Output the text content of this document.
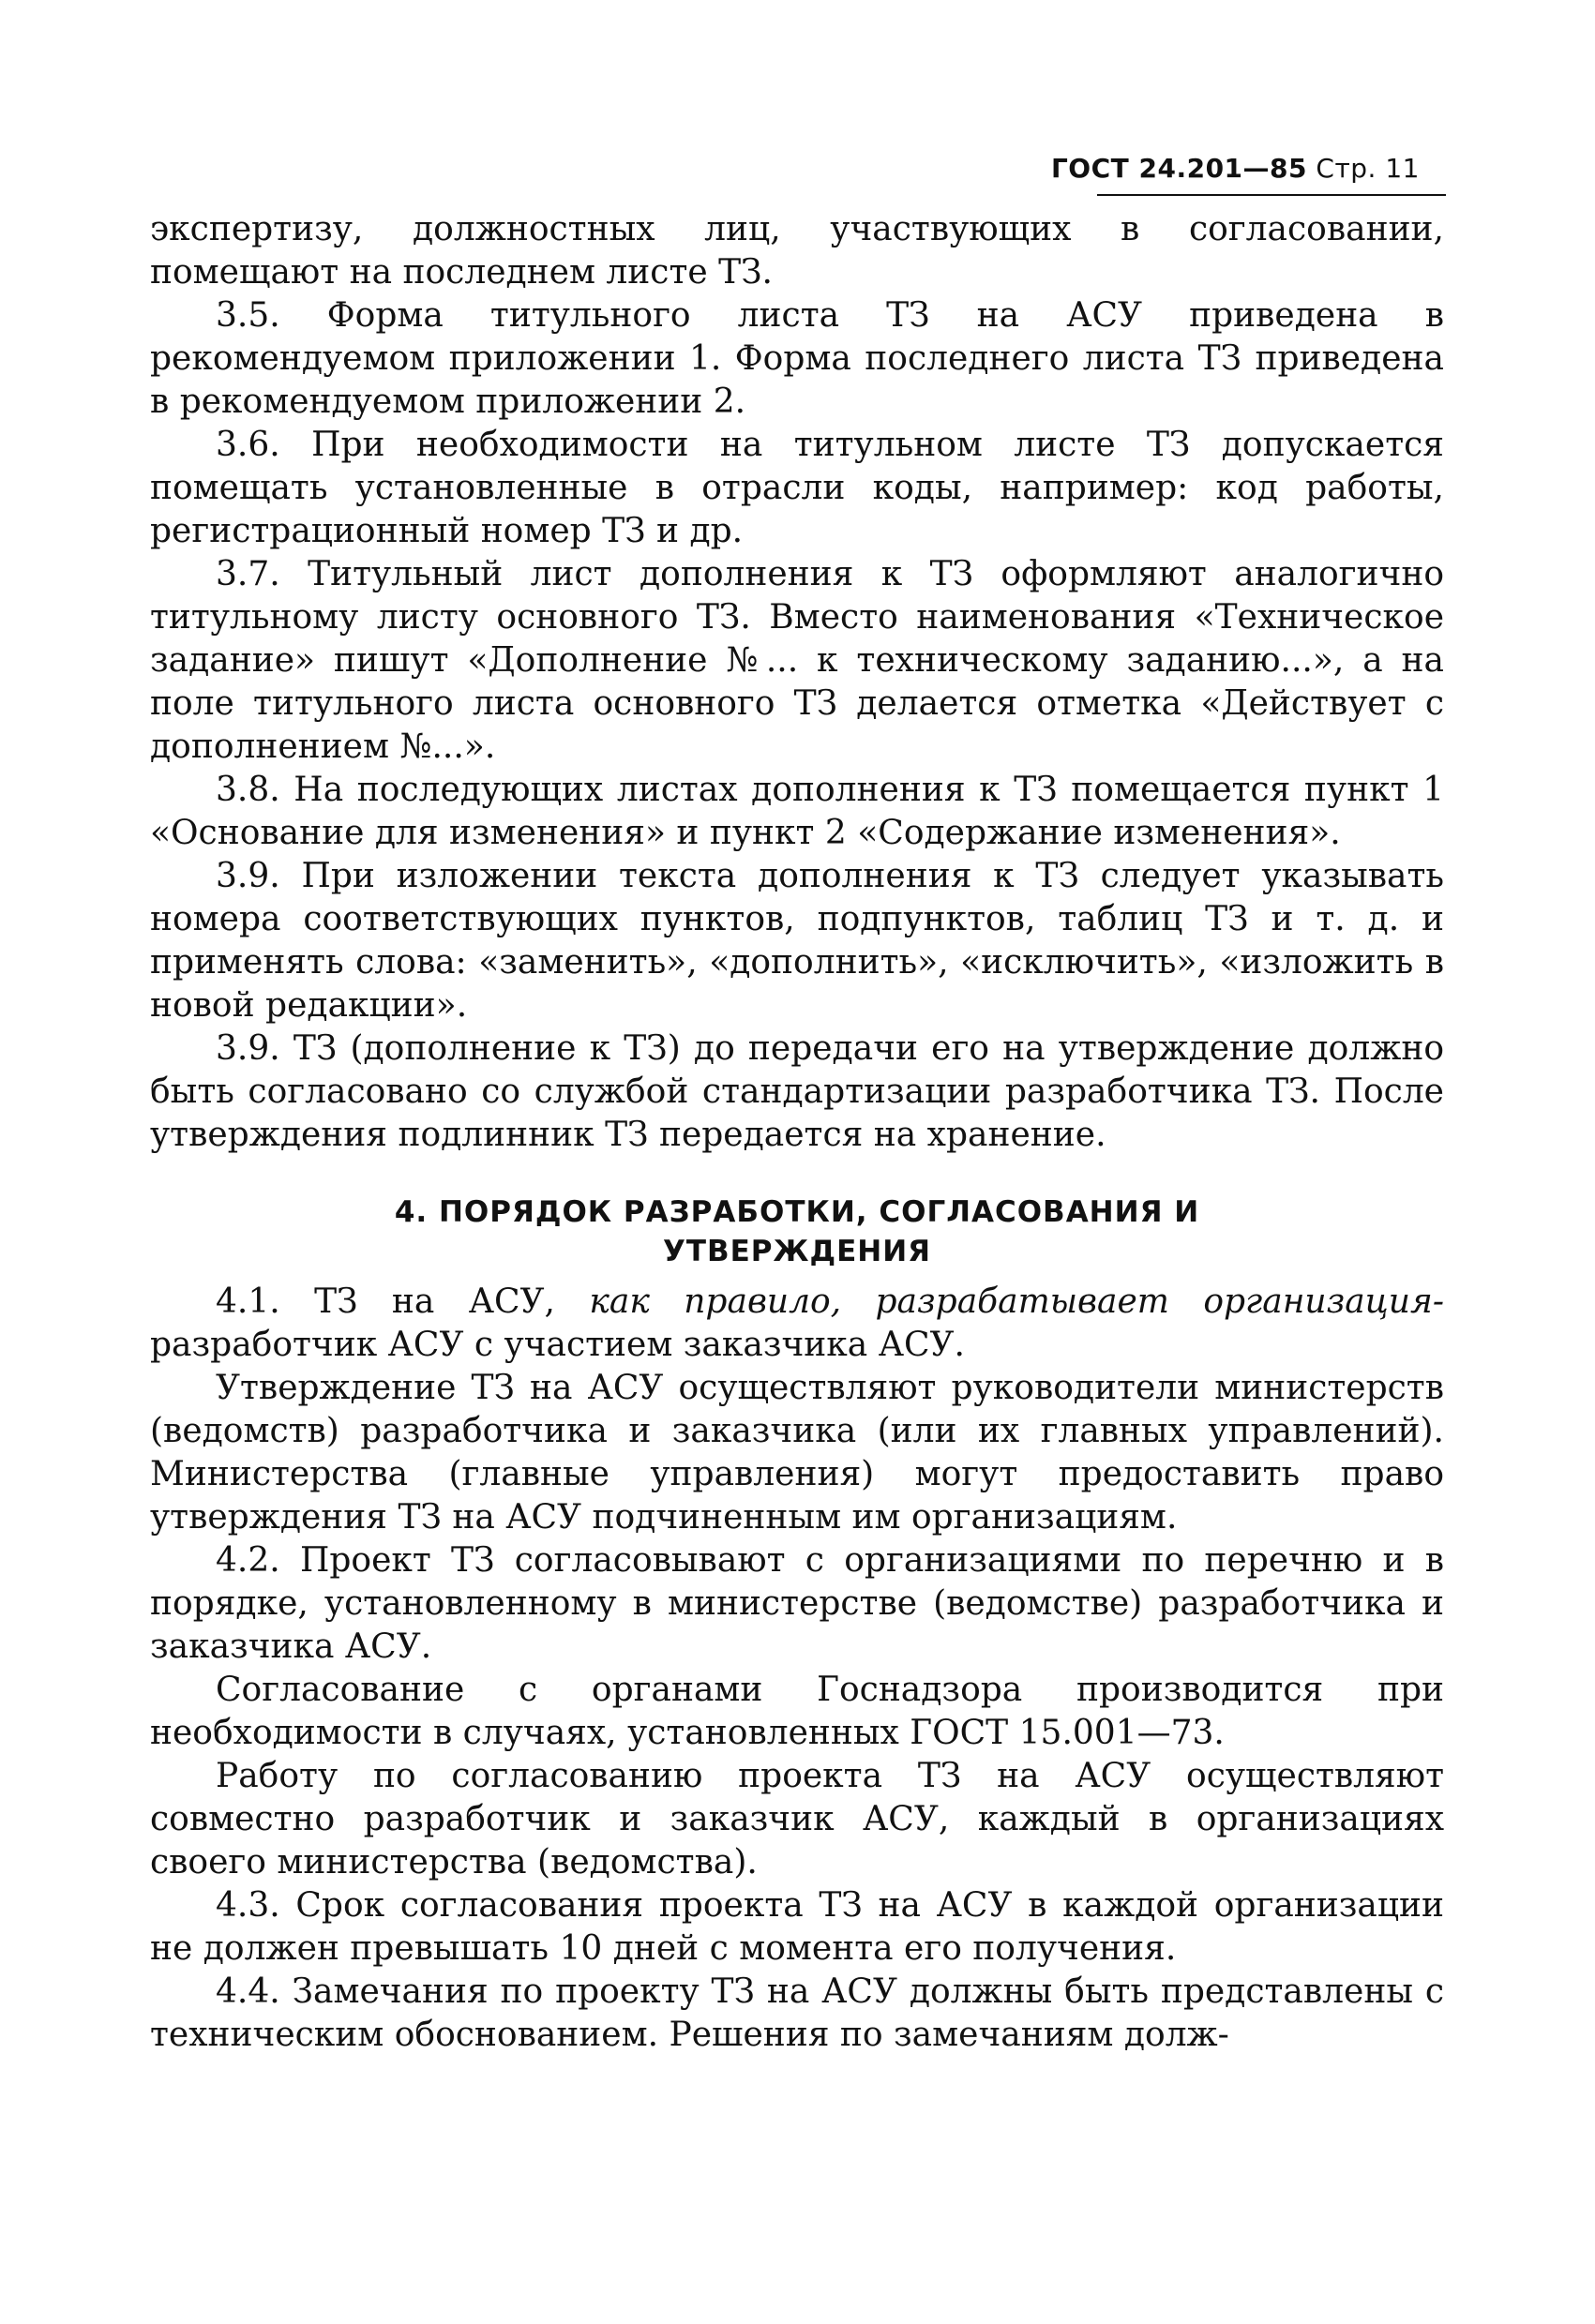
ГОСТ 24.201—85 Стр. 11

экспертизу, должностных лиц, участвующих в согласовании, помещают на последнем листе ТЗ.

3.5. Форма титульного листа ТЗ на АСУ приведена в рекомендуемом приложении 1. Форма последнего листа ТЗ приведена в рекомендуемом приложении 2.

3.6. При необходимости на титульном листе ТЗ допускается помещать установленные в отрасли коды, например: код работы, регистрационный номер ТЗ и др.

3.7. Титульный лист дополнения к ТЗ оформляют аналогично титульному листу основного ТЗ. Вместо наименования «Техническое задание» пишут «Дополнение №... к техническому заданию...», а на поле титульного листа основного ТЗ делается отметка «Действует с дополнением №...».

3.8. На последующих листах дополнения к ТЗ помещается пункт 1 «Основание для изменения» и пункт 2 «Содержание изменения».

3.9. При изложении текста дополнения к ТЗ следует указывать номера соответствующих пунктов, подпунктов, таблиц ТЗ и т. д. и применять слова: «заменить», «дополнить», «исключить», «изложить в новой редакции».

3.9. ТЗ (дополнение к ТЗ) до передачи его на утверждение должно быть согласовано со службой стандартизации разработчика ТЗ. После утверждения подлинник ТЗ передается на хранение.

4. ПОРЯДОК РАЗРАБОТКИ, СОГЛАСОВАНИЯ И УТВЕРЖДЕНИЯ

4.1. ТЗ на АСУ, как правило, разрабатывает организация-разработчик АСУ с участием заказчика АСУ.

Утверждение ТЗ на АСУ осуществляют руководители министерств (ведомств) разработчика и заказчика (или их главных управлений). Министерства (главные управления) могут предоставить право утверждения ТЗ на АСУ подчиненным им организациям.

4.2. Проект ТЗ согласовывают с организациями по перечню и в порядке, установленному в министерстве (ведомстве) разработчика и заказчика АСУ.

Согласование с органами Госнадзора производится при необходимости в случаях, установленных ГОСТ 15.001—73.

Работу по согласованию проекта ТЗ на АСУ осуществляют совместно разработчик и заказчик АСУ, каждый в организациях своего министерства (ведомства).

4.3. Срок согласования проекта ТЗ на АСУ в каждой организации не должен превышать 10 дней с момента его получения.

4.4. Замечания по проекту ТЗ на АСУ должны быть представлены с техническим обоснованием. Решения по замечаниям долж-
